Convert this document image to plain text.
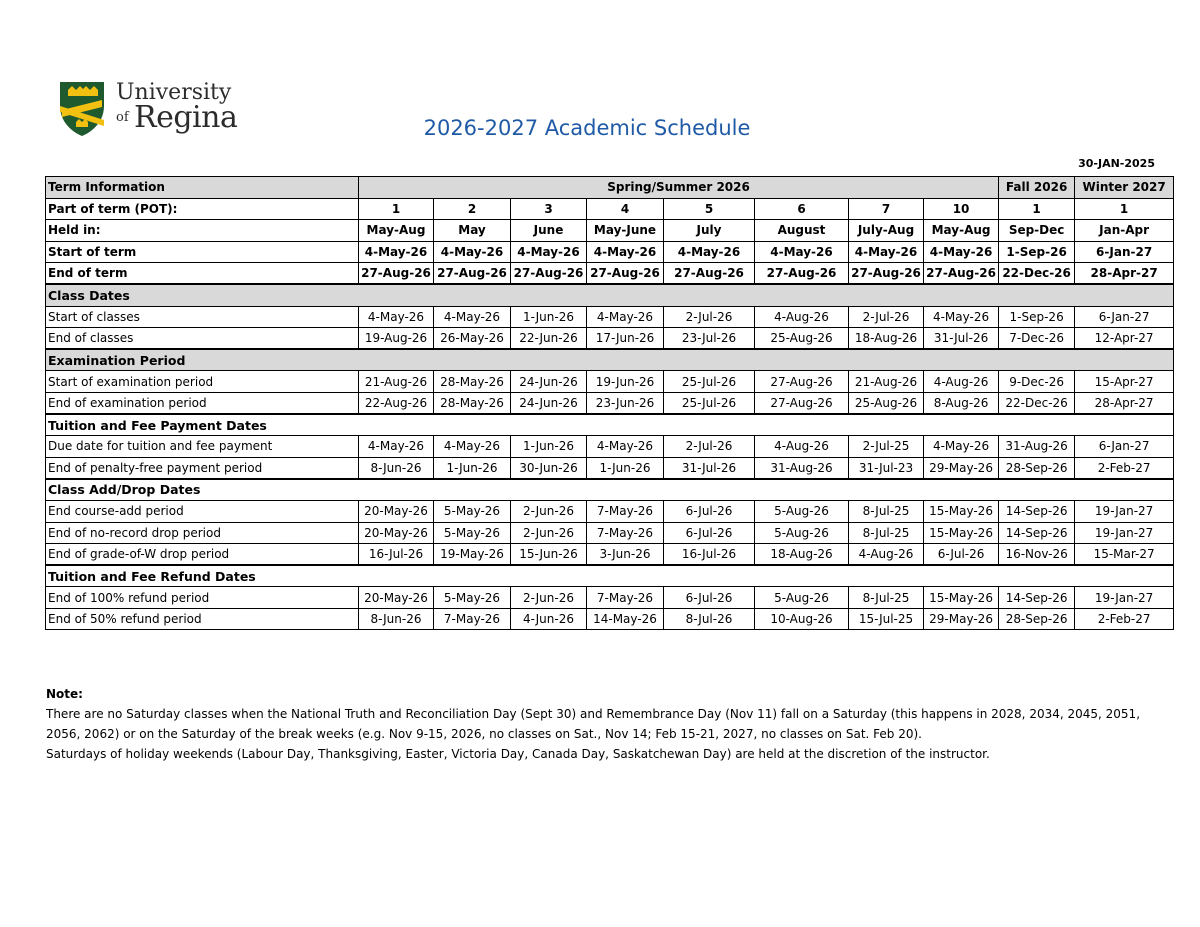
University
of Regina	2026-2027 Academic Schedule
30-JAN-2025
Term Information	Spring/Summer 2026								Fall 2026	Winter 2027
Part of term (POT):	1	2	3	4	5	6	7	10	1	1
Held in:	May-Aug	May	June	May-June	July	August	July-Aug	May-Aug	Sep-Dec	Jan-Apr
Start of term	4-May-26	4-May-26	4-May-26	4-May-26	4-May-26	4-May-26	4-May-26	4-May-26	1-Sep-26	6-Jan-27
End of term	27-Aug-26	27-Aug-26	27-Aug-26	27-Aug-26	27-Aug-26	27-Aug-26	27-Aug-26	27-Aug-26	22-Dec-26	28-Apr-27
Class Dates										
Start of classes	4-May-26	4-May-26	1-Jun-26	4-May-26	2-Jul-26	4-Aug-26	2-Jul-26	4-May-26	1-Sep-26	6-Jan-27
End of classes	19-Aug-26	26-May-26	22-Jun-26	17-Jun-26	23-Jul-26	25-Aug-26	18-Aug-26	31-Jul-26	7-Dec-26	12-Apr-27
Examination Period										
Start of examination period	21-Aug-26	28-May-26	24-Jun-26	19-Jun-26	25-Jul-26	27-Aug-26	21-Aug-26	4-Aug-26	9-Dec-26	15-Apr-27
End of examination period	22-Aug-26	28-May-26	24-Jun-26	23-Jun-26	25-Jul-26	27-Aug-26	25-Aug-26	8-Aug-26	22-Dec-26	28-Apr-27
Tuition and Fee Payment Dates										
Due date for tuition and fee payment	4-May-26	4-May-26	1-Jun-26	4-May-26	2-Jul-26	4-Aug-26	2-Jul-25	4-May-26	31-Aug-26	6-Jan-27
End of penalty-free payment period	8-Jun-26	1-Jun-26	30-Jun-26	1-Jun-26	31-Jul-26	31-Aug-26	31-Jul-23	29-May-26	28-Sep-26	2-Feb-27
Class Add/Drop Dates										
End course-add period	20-May-26	5-May-26	2-Jun-26	7-May-26	6-Jul-26	5-Aug-26	8-Jul-25	15-May-26	14-Sep-26	19-Jan-27
End of no-record drop period	20-May-26	5-May-26	2-Jun-26	7-May-26	6-Jul-26	5-Aug-26	8-Jul-25	15-May-26	14-Sep-26	19-Jan-27
End of grade-of-W drop period	16-Jul-26	19-May-26	15-Jun-26	3-Jun-26	16-Jul-26	18-Aug-26	4-Aug-26	6-Jul-26	16-Nov-26	15-Mar-27
Tuition and Fee Refund Dates										
End of 100% refund period	20-May-26	5-May-26	2-Jun-26	7-May-26	6-Jul-26	5-Aug-26	8-Jul-25	15-May-26	14-Sep-26	19-Jan-27
End of 50% refund period	8-Jun-26	7-May-26	4-Jun-26	14-May-26	8-Jul-26	10-Aug-26	15-Jul-25	29-May-26	28-Sep-26	2-Feb-27
Note:
There are no Saturday classes when the National Truth and Reconciliation Day (Sept 30) and Remembrance Day (Nov 11) fall on a Saturday (this happens in 2028, 2034, 2045, 2051, 2056, 2062) or on the Saturday of the break weeks (e.g. Nov 9-15, 2026, no classes on Sat., Nov 14; Feb 15-21, 2027, no classes on Sat. Feb 20).
Saturdays of holiday weekends (Labour Day, Thanksgiving, Easter, Victoria Day, Canada Day, Saskatchewan Day) are held at the discretion of the instructor.
